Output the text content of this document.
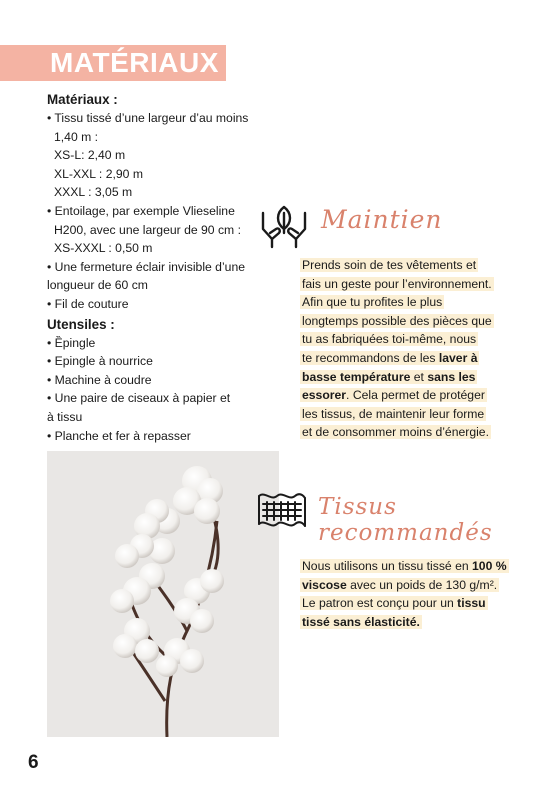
MATÉRIAUX
Matériaux :
• Tissu tissé d’une largeur d’au moins
1,40 m :
XS-L: 2,40 m
XL-XXL : 2,90 m
XXXL : 3,05 m
• Entoilage, par exemple Vlieseline
H200, avec une largeur de 90 cm :
XS-XXXL : 0,50 m
• Une fermeture éclair invisible d’une
longueur de 60 cm
• Fil de couture
Utensiles :
• Ȅpingle
• Epingle à nourrice
• Machine à coudre
• Une paire de ciseaux à papier et
à tissu
• Planche et fer à repasser
Maintien
Prends soin de tes vêtements et
fais un geste pour l’environnement.
Afin que tu profites le plus
longtemps possible des pièces que
tu as fabriquées toi-même, nous
te recommandons de les laver à
basse température et sans les
essorer. Cela permet de protéger
les tissus, de maintenir leur forme
et de consommer moins d’énergie.
Tissus recommandés
Nous utilisons un tissu tissé en 100 %
viscose avec un poids de 130 g/m².
Le patron est conçu pour un tissu
tissé sans élasticité.
6
